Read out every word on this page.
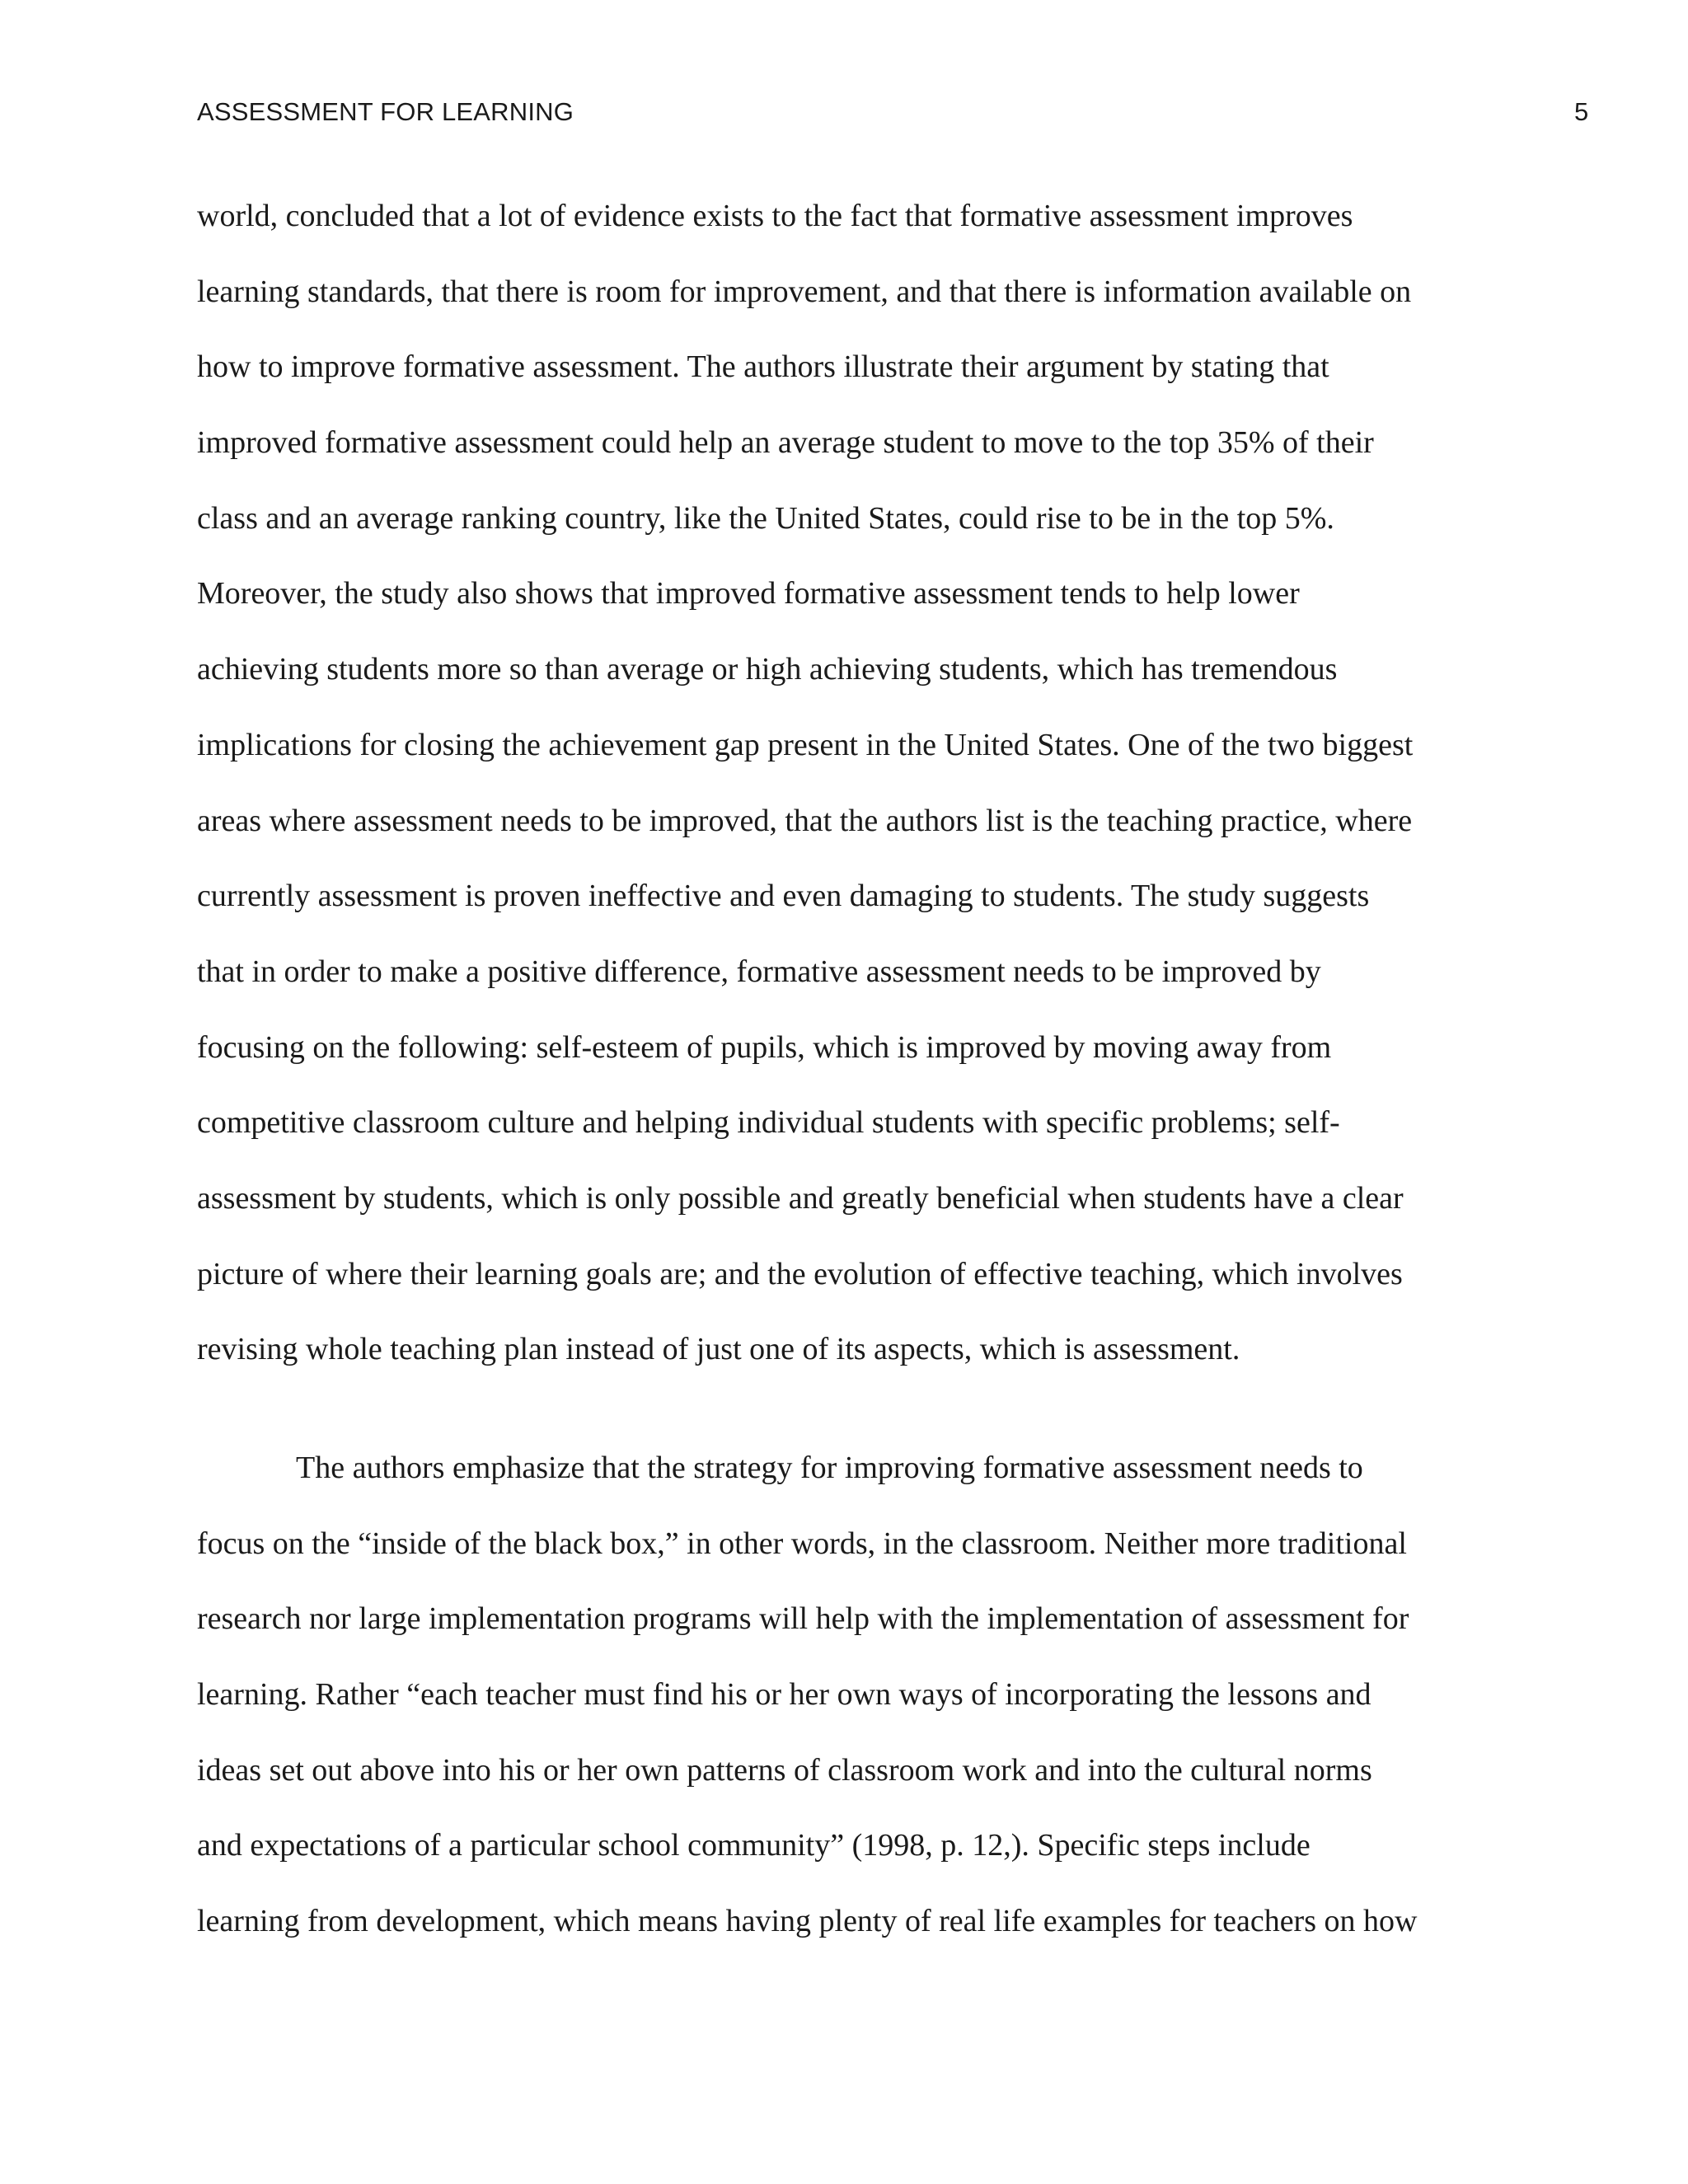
ASSESSMENT FOR LEARNING	5
world, concluded that a lot of evidence exists to the fact that formative assessment improves
learning standards, that there is room for improvement, and that there is information available on
how to improve formative assessment. The authors illustrate their argument by stating that
improved formative assessment could help an average student to move to the top 35% of their
class and an average ranking country, like the United States, could rise to be in the top 5%.
Moreover, the study also shows that improved formative assessment tends to help lower
achieving students more so than average or high achieving students, which has tremendous
implications for closing the achievement gap present in the United States. One of the two biggest
areas where assessment needs to be improved, that the authors list is the teaching practice, where
currently assessment is proven ineffective and even damaging to students. The study suggests
that in order to make a positive difference, formative assessment needs to be improved by
focusing on the following: self-esteem of pupils, which is improved by moving away from
competitive classroom culture and helping individual students with specific problems; self-
assessment by students, which is only possible and greatly beneficial when students have a clear
picture of where their learning goals are; and the evolution of effective teaching, which involves
revising whole teaching plan instead of just one of its aspects, which is assessment.
The authors emphasize that the strategy for improving formative assessment needs to
focus on the “inside of the black box,” in other words, in the classroom. Neither more traditional
research nor large implementation programs will help with the implementation of assessment for
learning. Rather “each teacher must find his or her own ways of incorporating the lessons and
ideas set out above into his or her own patterns of classroom work and into the cultural norms
and expectations of a particular school community” (1998, p. 12,). Specific steps include
learning from development, which means having plenty of real life examples for teachers on how
